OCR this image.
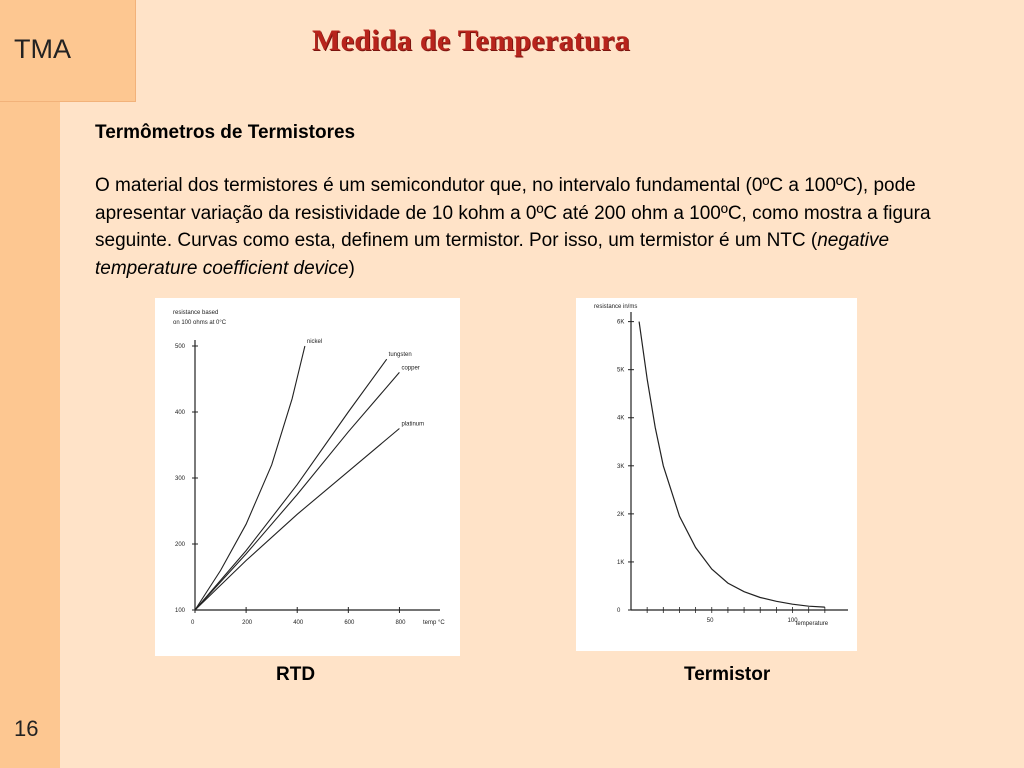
TMA
16
Medida de Temperatura
Termômetros de Termistores
O material dos termistores é um semicondutor que, no intervalo fundamental (0ºC a 100ºC), pode apresentar variação da resistividade de 10 kohm a 0ºC até 200 ohm a 100ºC, como mostra a figura seguinte. Curvas como esta, definem um termistor. Por isso, um termistor é um NTC (negative temperature coefficient device)
resistance based
on 100 ohms at 0°C
100
200
300
400
500
0	200	400	600	800	temp °C
nickel
tungsten
copper
platinum
resistance in/ms
0
1K
2K
3K
4K
5K
6K
50	100
temperature
RTD	Termistor
